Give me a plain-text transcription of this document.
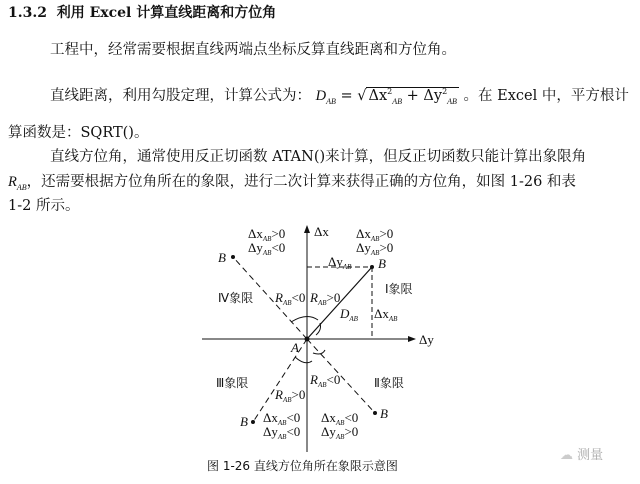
1.3.2 利用 Excel 计算直线距离和方位角
工程中，经常需要根据直线两端点坐标反算直线距离和方位角。
直线距离，利用勾股定理，计算公式为： $D_{AB}$ = √ $\Delta x^2_{AB} + \Delta y^2_{AB}$ 。在 Excel 中，平方根计
算函数是：SQRT()。
直线方位角，通常使用反正切函数 ATAN()来计算，但反正切函数只能计算出象限角
$R_{AB}$，还需要根据方位角所在的象限，进行二次计算来获得正确的方位角，如图 1-26 和表
1-2 所示。
Δx
Δy
A
B
B
B
B
$\Delta x_{AB}>0$
$\Delta y_{AB}>0$
$\Delta x_{AB}>0$
$\Delta y_{AB}<0$
$\Delta x_{AB}<0$
$\Delta y_{AB}<0$
$\Delta x_{AB}<0$
$\Delta y_{AB}>0$
$\Delta y_{AB}$
$\Delta x_{AB}$
$D_{AB}$
$R_{AB}<0$ $R_{AB}>0$
$R_{AB}<0$
$R_{AB}>0$
Ⅰ象限
Ⅳ象限
Ⅲ象限	Ⅱ象限
图 1-26 直线方位角所在象限示意图
☁ 测量
